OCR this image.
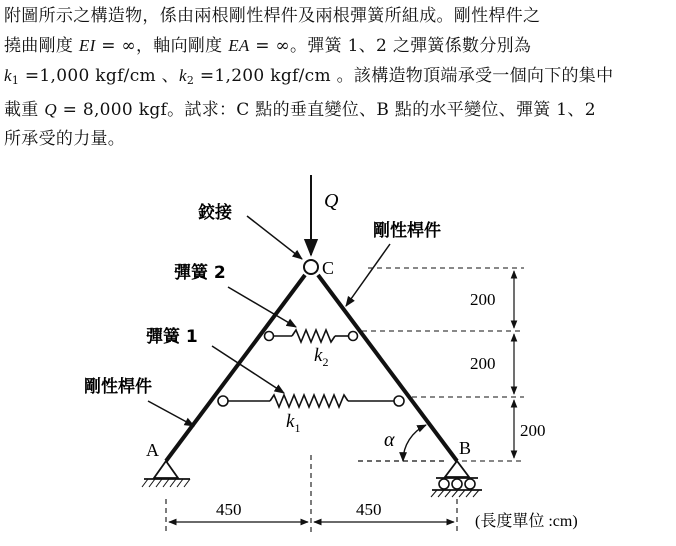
附圖所示之構造物，係由兩根剛性桿件及兩根彈簧所組成。剛性桿件之
撓曲剛度 EI = ∞，軸向剛度 EA = ∞。彈簧 1、2 之彈簧係數分別為
$k_1 =1,000$ kgf/cm 、$k_2 =1,200$ kgf/cm 。該構造物頂端承受一個向下的集中
載重 Q = 8,000 kgf。試求：C 點的垂直變位、B 點的水平變位、彈簧 1、2
所承受的力量。
Q
$k_2$
$k_1$
鉸接
剛性桿件
彈簧 2
彈簧 1
剛性桿件
C
A	B
α
200
200
200
450	450
(長度單位 :cm)
